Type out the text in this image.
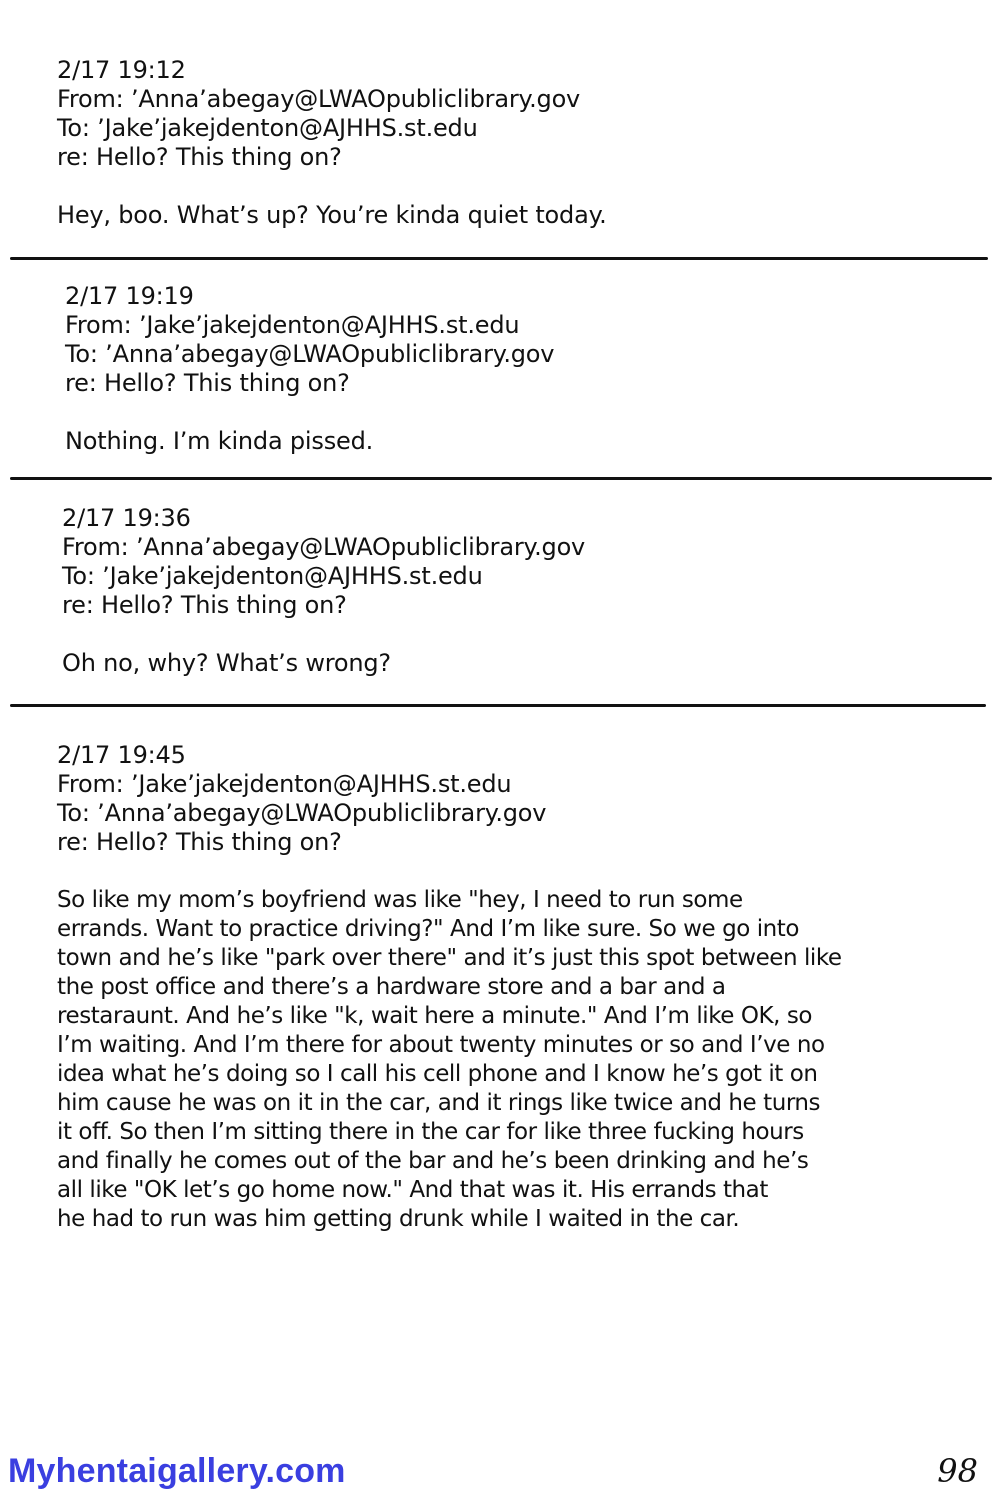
2/17 19:12
From: ’Anna’abegay@LWAOpubliclibrary.gov
To: ’Jake’jakejdenton@AJHHS.st.edu
re: Hello? This thing on?
Hey, boo. What’s up? You’re kinda quiet today.
2/17 19:19
From: ’Jake’jakejdenton@AJHHS.st.edu
To: ’Anna’abegay@LWAOpubliclibrary.gov
re: Hello? This thing on?
Nothing. I’m kinda pissed.
2/17 19:36
From: ’Anna’abegay@LWAOpubliclibrary.gov
To: ’Jake’jakejdenton@AJHHS.st.edu
re: Hello? This thing on?
Oh no, why? What’s wrong?
2/17 19:45
From: ’Jake’jakejdenton@AJHHS.st.edu
To: ’Anna’abegay@LWAOpubliclibrary.gov
re: Hello? This thing on?
So like my mom’s boyfriend was like "hey, I need to run some
errands. Want to practice driving?" And I’m like sure. So we go into
town and he’s like "park over there" and it’s just this spot between like
the post office and there’s a hardware store and a bar and a
restaraunt. And he’s like "k, wait here a minute." And I’m like OK, so
I’m waiting. And I’m there for about twenty minutes or so and I’ve no
idea what he’s doing so I call his cell phone and I know he’s got it on
him cause he was on it in the car, and it rings like twice and he turns
it off. So then I’m sitting there in the car for like three fucking hours
and finally he comes out of the bar and he’s been drinking and he’s
all like "OK let’s go home now." And that was it. His errands that
he had to run was him getting drunk while I waited in the car.
Myhentaigallery.com	98
